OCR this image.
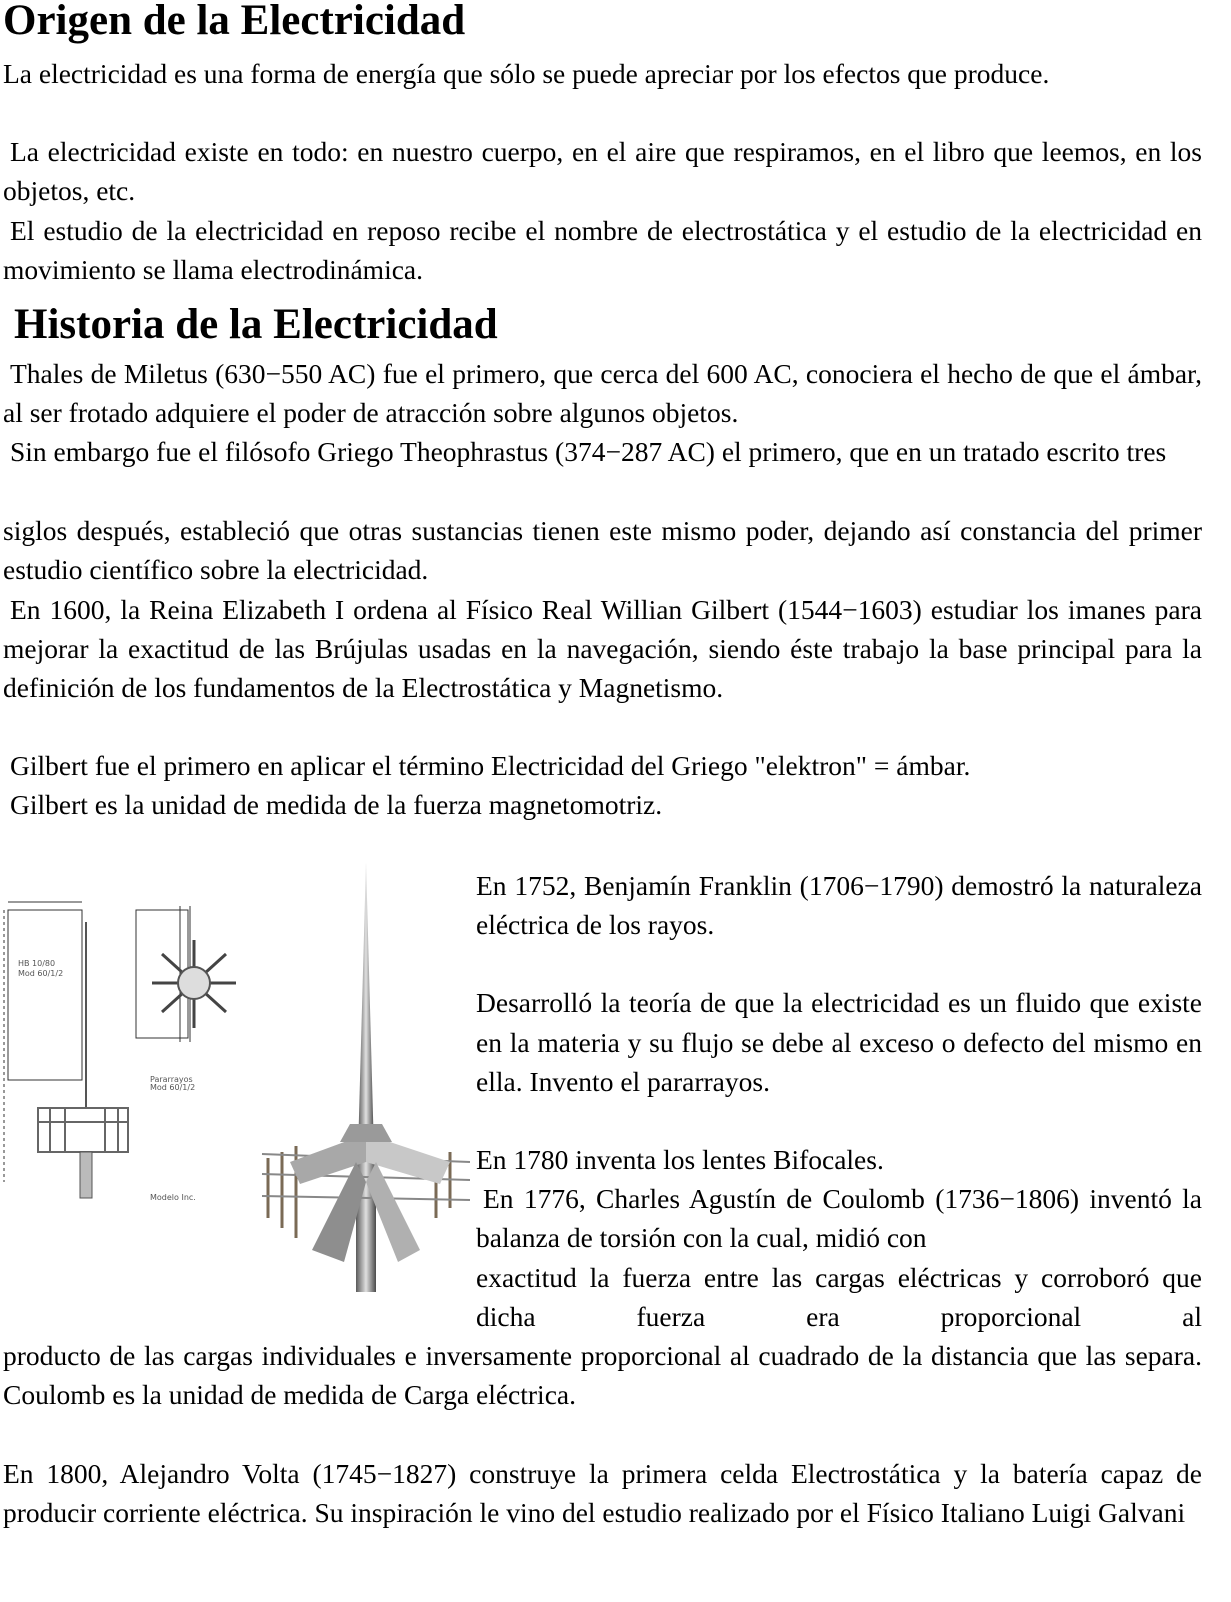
Origen de la Electricidad

La electricidad es una forma de energía que sólo se puede apreciar por los efectos que produce.

La electricidad existe en todo: en nuestro cuerpo, en el aire que respiramos, en el libro que leemos, en los objetos, etc.

El estudio de la electricidad en reposo recibe el nombre de electrostática y el estudio de la electricidad en movimiento se llama electrodinámica.

Historia de la Electricidad

Thales de Miletus (630−550 AC) fue el primero, que cerca del 600 AC, conociera el hecho de que el ámbar, al ser frotado adquiere el poder de atracción sobre algunos objetos.

Sin embargo fue el filósofo Griego Theophrastus (374−287 AC) el primero, que en un tratado escrito tres

siglos después, estableció que otras sustancias tienen este mismo poder, dejando así constancia del primer estudio científico sobre la electricidad.

En 1600, la Reina Elizabeth I ordena al Físico Real Willian Gilbert (1544−1603) estudiar los imanes para mejorar la exactitud de las Brújulas usadas en la navegación, siendo éste trabajo la base principal para la definición de los fundamentos de la Electrostática y Magnetismo.

Gilbert fue el primero en aplicar el término Electricidad del Griego "elektron" = ámbar.

Gilbert es la unidad de medida de la fuerza magnetomotriz.

HB 10/80
Mod 60/1/2
Pararrayos
Mod 60/1/2
Modelo Inc.

En 1752, Benjamín Franklin (1706−1790) demostró la naturaleza eléctrica de los rayos.

Desarrolló la teoría de que la electricidad es un fluido que existe en la materia y su flujo se debe al exceso o defecto del mismo en ella. Invento el pararrayos.

En 1780 inventa los lentes Bifocales.

En 1776, Charles Agustín de Coulomb (1736−1806) inventó la balanza de torsión con la cual, midió con

exactitud la fuerza entre las cargas eléctricas y corroboró que dicha fuerza era proporcional al

producto de las cargas individuales e inversamente proporcional al cuadrado de la distancia que las separa. Coulomb es la unidad de medida de Carga eléctrica.

En 1800, Alejandro Volta (1745−1827) construye la primera celda Electrostática y la batería capaz de producir corriente eléctrica. Su inspiración le vino del estudio realizado por el Físico Italiano Luigi Galvani
